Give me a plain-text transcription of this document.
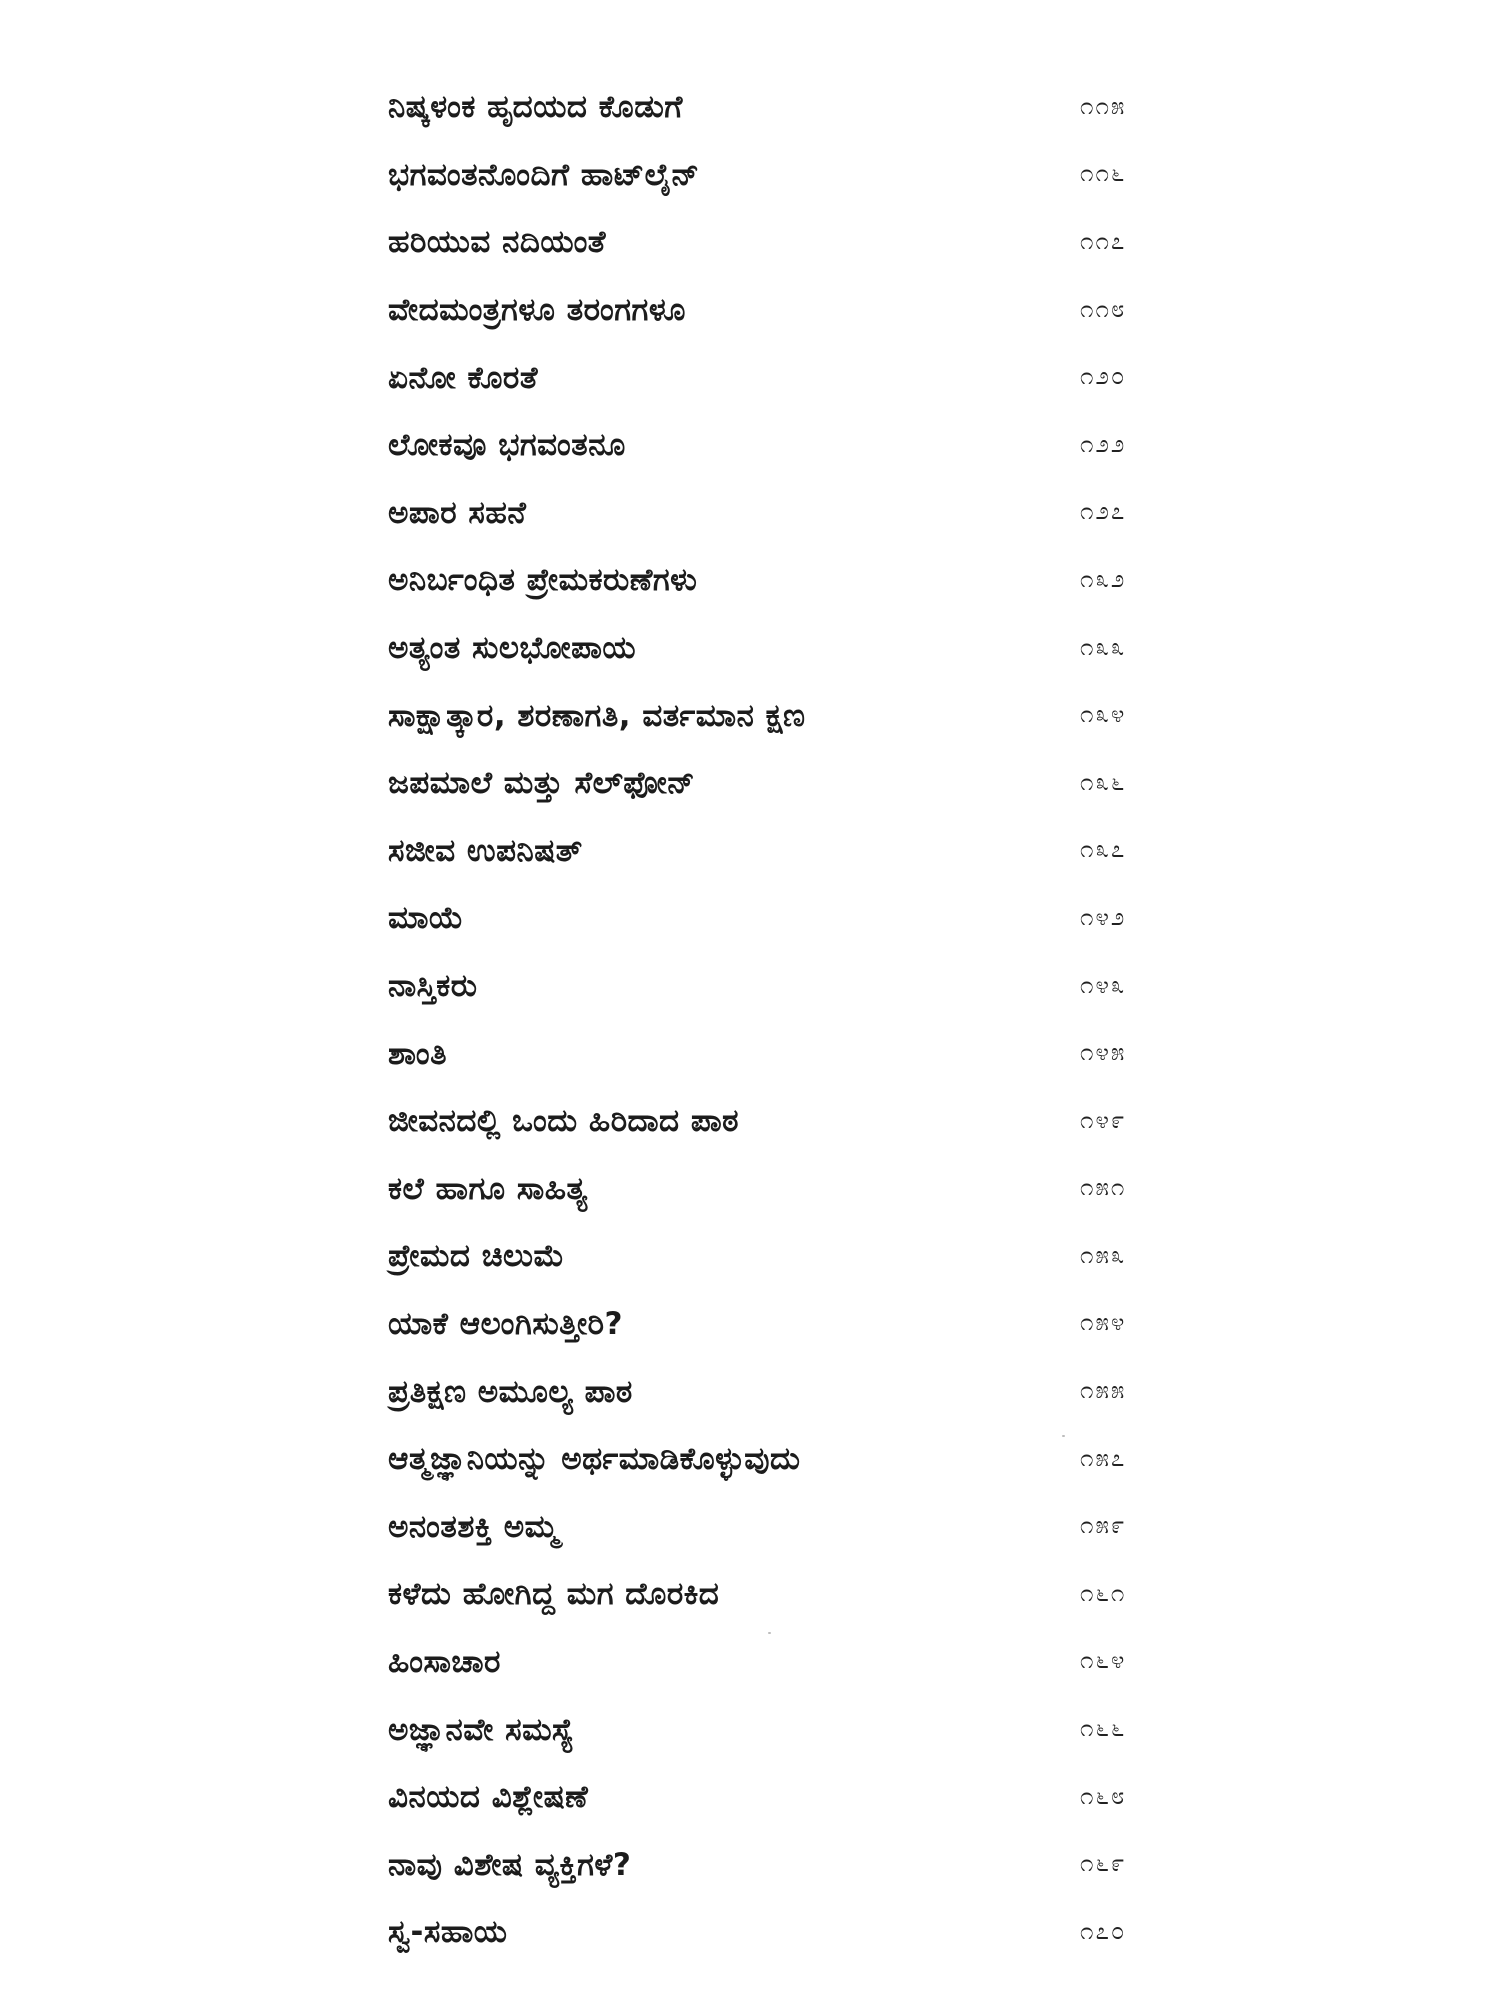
ನಿಷ್ಕಳಂಕ ಹೃದಯದ ಕೊಡುಗೆ	೧೧೫
ಭಗವಂತನೊಂದಿಗೆ ಹಾಟ್‌ಲೈನ್	೧೧೬
ಹರಿಯುವ ನದಿಯಂತೆ	೧೧೭
ವೇದಮಂತ್ರಗಳೂ ತರಂಗಗಳೂ	೧೧೮
ಏನೋ ಕೊರತೆ	೧೨೦
ಲೋಕವೂ ಭಗವಂತನೂ	೧೨೨
ಅಪಾರ ಸಹನೆ	೧೨೭
ಅನಿರ್ಬಂಧಿತ ಪ್ರೇಮಕರುಣೆಗಳು	೧೩೨
ಅತ್ಯಂತ ಸುಲಭೋಪಾಯ	೧೩೩
ಸಾಕ್ಷಾತ್ಕಾರ, ಶರಣಾಗತಿ, ವರ್ತಮಾನ ಕ್ಷಣ	೧೩೪
ಜಪಮಾಲೆ ಮತ್ತು ಸೆಲ್‌ಫೋನ್	೧೩೬
ಸಜೀವ ಉಪನಿಷತ್	೧೩೭
ಮಾಯೆ	೧೪೨
ನಾಸ್ತಿಕರು	೧೪೩
ಶಾಂತಿ	೧೪೫
ಜೀವನದಲ್ಲಿ ಒಂದು ಹಿರಿದಾದ ಪಾಠ	೧೪೯
ಕಲೆ ಹಾಗೂ ಸಾಹಿತ್ಯ	೧೫೧
ಪ್ರೇಮದ ಚಿಲುಮೆ	೧೫೩
ಯಾಕೆ ಆಲಂಗಿಸುತ್ತೀರಿ?	೧೫೪
ಪ್ರತಿಕ್ಷಣ ಅಮೂಲ್ಯ ಪಾಠ	೧೫೫
ಆತ್ಮಜ್ಞಾನಿಯನ್ನು ಅರ್ಥಮಾಡಿಕೊಳ್ಳುವುದು	೧೫೭
ಅನಂತಶಕ್ತಿ ಅಮ್ಮ	೧೫೯
ಕಳೆದು ಹೋಗಿದ್ದ ಮಗ ದೊರಕಿದ	೧೬೧
ಹಿಂಸಾಚಾರ	೧೬೪
ಅಜ್ಞಾನವೇ ಸಮಸ್ಯೆ	೧೬೬
ವಿನಯದ ವಿಶ್ಲೇಷಣೆ	೧೬೮
ನಾವು ವಿಶೇಷ ವ್ಯಕ್ತಿಗಳೆ?	೧೬೯
ಸ್ವ-ಸಹಾಯ	೧೭೦
